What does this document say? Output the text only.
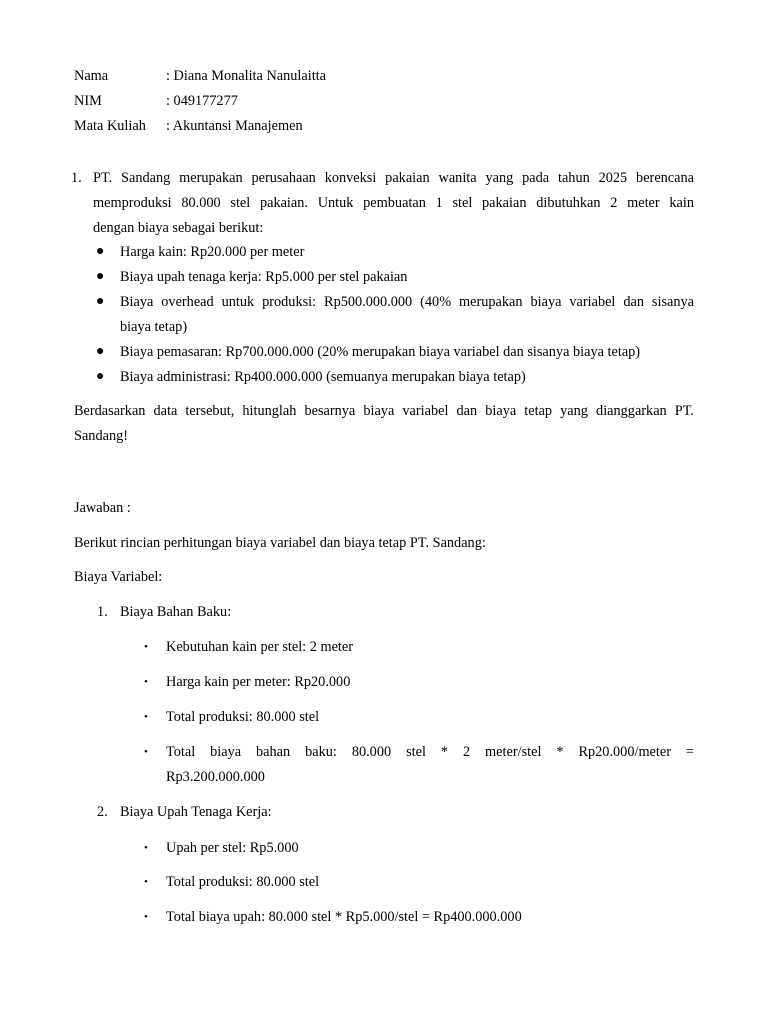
Nama	: Diana Monalita Nanulaitta
NIM	: 049177277
Mata Kuliah : Akuntansi Manajemen
1. PT. Sandang merupakan perusahaan konveksi pakaian wanita yang pada tahun 2025 berencana
memproduksi 80.000 stel pakaian. Untuk pembuatan 1 stel pakaian dibutuhkan 2 meter kain
dengan biaya sebagai berikut:
● Harga kain: Rp20.000 per meter
● Biaya upah tenaga kerja: Rp5.000 per stel pakaian
● Biaya overhead untuk produksi: Rp500.000.000 (40% merupakan biaya variabel dan sisanya
biaya tetap)
● Biaya pemasaran: Rp700.000.000 (20% merupakan biaya variabel dan sisanya biaya tetap)
● Biaya administrasi: Rp400.000.000 (semuanya merupakan biaya tetap)
Berdasarkan data tersebut, hitunglah besarnya biaya variabel dan biaya tetap yang dianggarkan PT.
Sandang!
Jawaban :
Berikut rincian perhitungan biaya variabel dan biaya tetap PT. Sandang:
Biaya Variabel:
1. Biaya Bahan Baku:
• Kebutuhan kain per stel: 2 meter
• Harga kain per meter: Rp20.000
• Total produksi: 80.000 stel
• Total biaya bahan baku: 80.000 stel * 2 meter/stel * Rp20.000/meter =
Rp3.200.000.000
2. Biaya Upah Tenaga Kerja:
• Upah per stel: Rp5.000
• Total produksi: 80.000 stel
• Total biaya upah: 80.000 stel * Rp5.000/stel = Rp400.000.000
